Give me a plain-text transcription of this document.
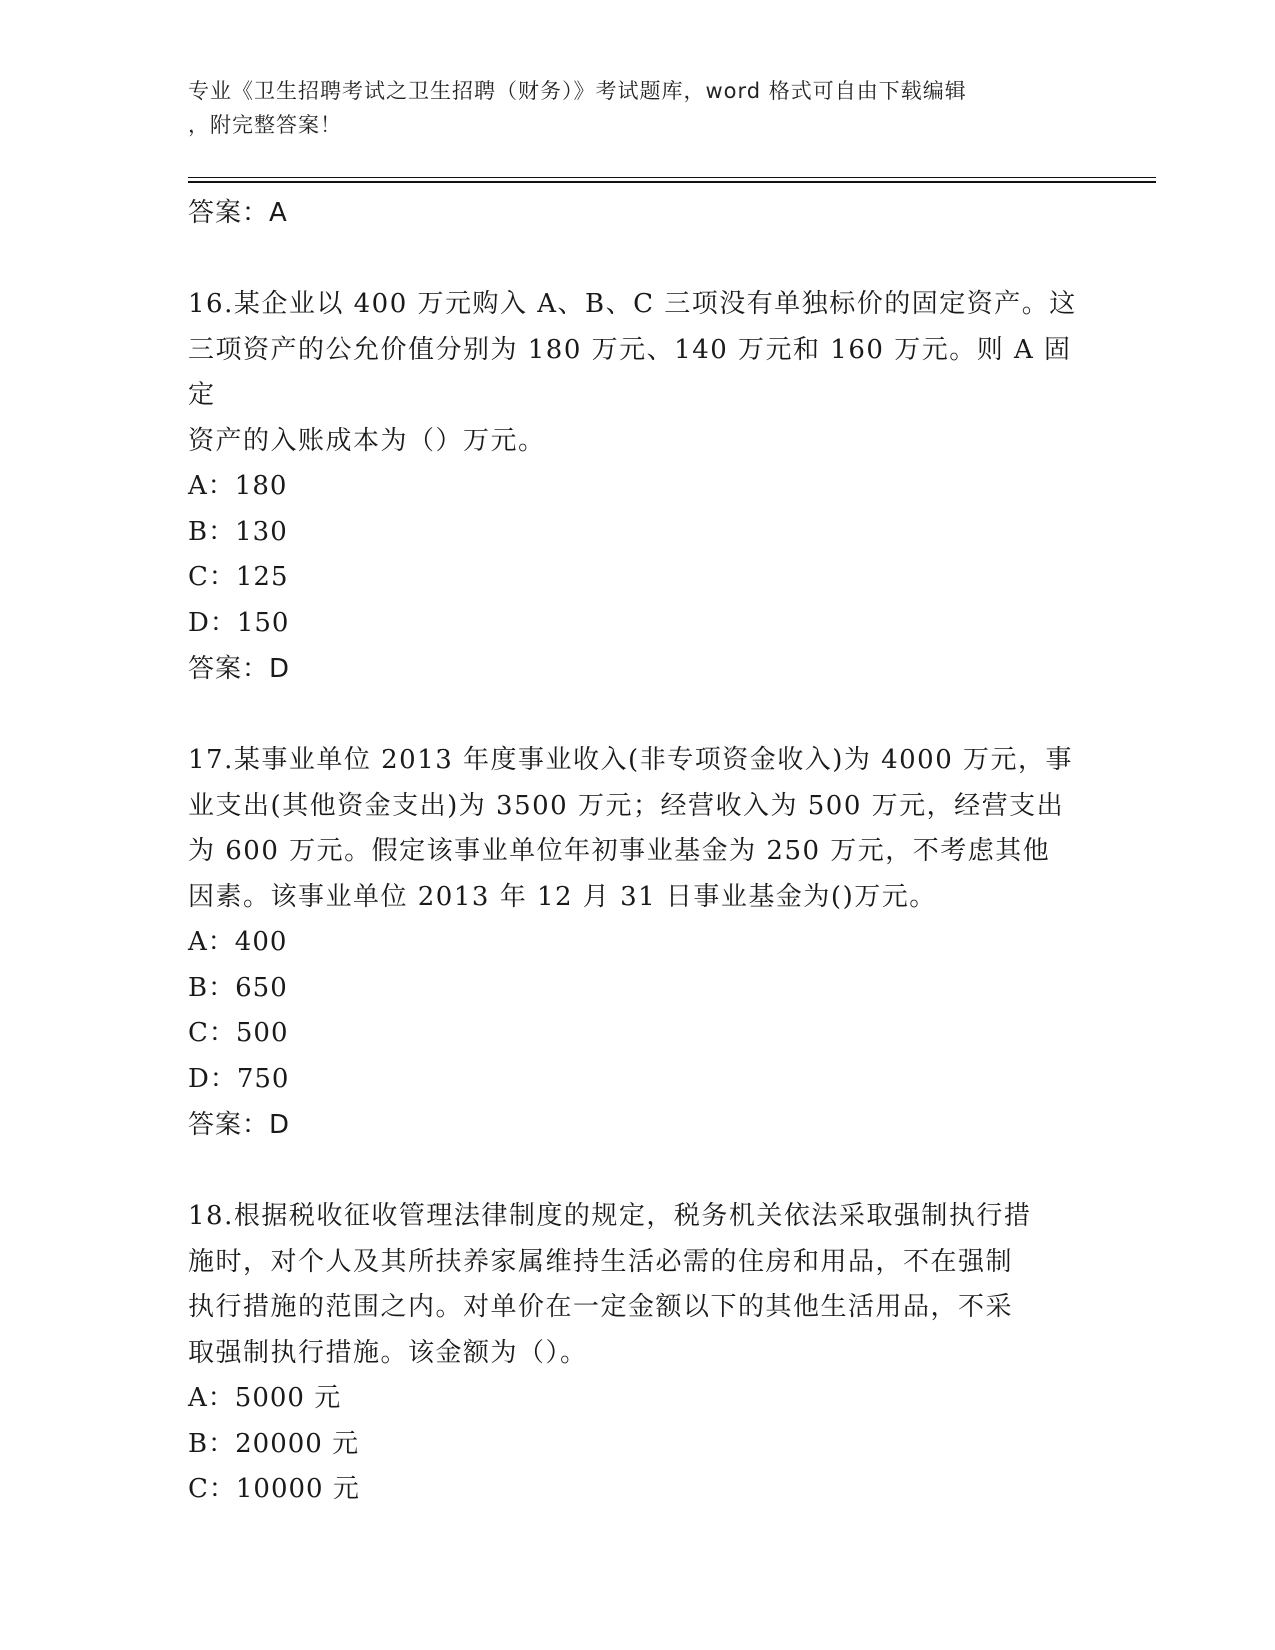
专业《卫生招聘考试之卫生招聘（财务）》考试题库，word 格式可自由下载编辑
，附完整答案！
答案：A
16.某企业以 400 万元购入 A、B、C 三项没有单独标价的固定资产。这
三项资产的公允价值分别为 180 万元、140 万元和 160 万元。则 A 固定
资产的入账成本为（）万元。
A：180
B：130
C：125
D：150
答案：D
17.某事业单位 2013 年度事业收入(非专项资金收入)为 4000 万元，事
业支出(其他资金支出)为 3500 万元；经营收入为 500 万元，经营支出
为 600 万元。假定该事业单位年初事业基金为 250 万元，不考虑其他
因素。该事业单位 2013 年 12 月 31 日事业基金为()万元。
A：400
B：650
C：500
D：750
答案：D
18.根据税收征收管理法律制度的规定，税务机关依法采取强制执行措
施时，对个人及其所扶养家属维持生活必需的住房和用品，不在强制
执行措施的范围之内。对单价在一定金额以下的其他生活用品，不采
取强制执行措施。该金额为（）。
A：5000 元
B：20000 元
C：10000 元
